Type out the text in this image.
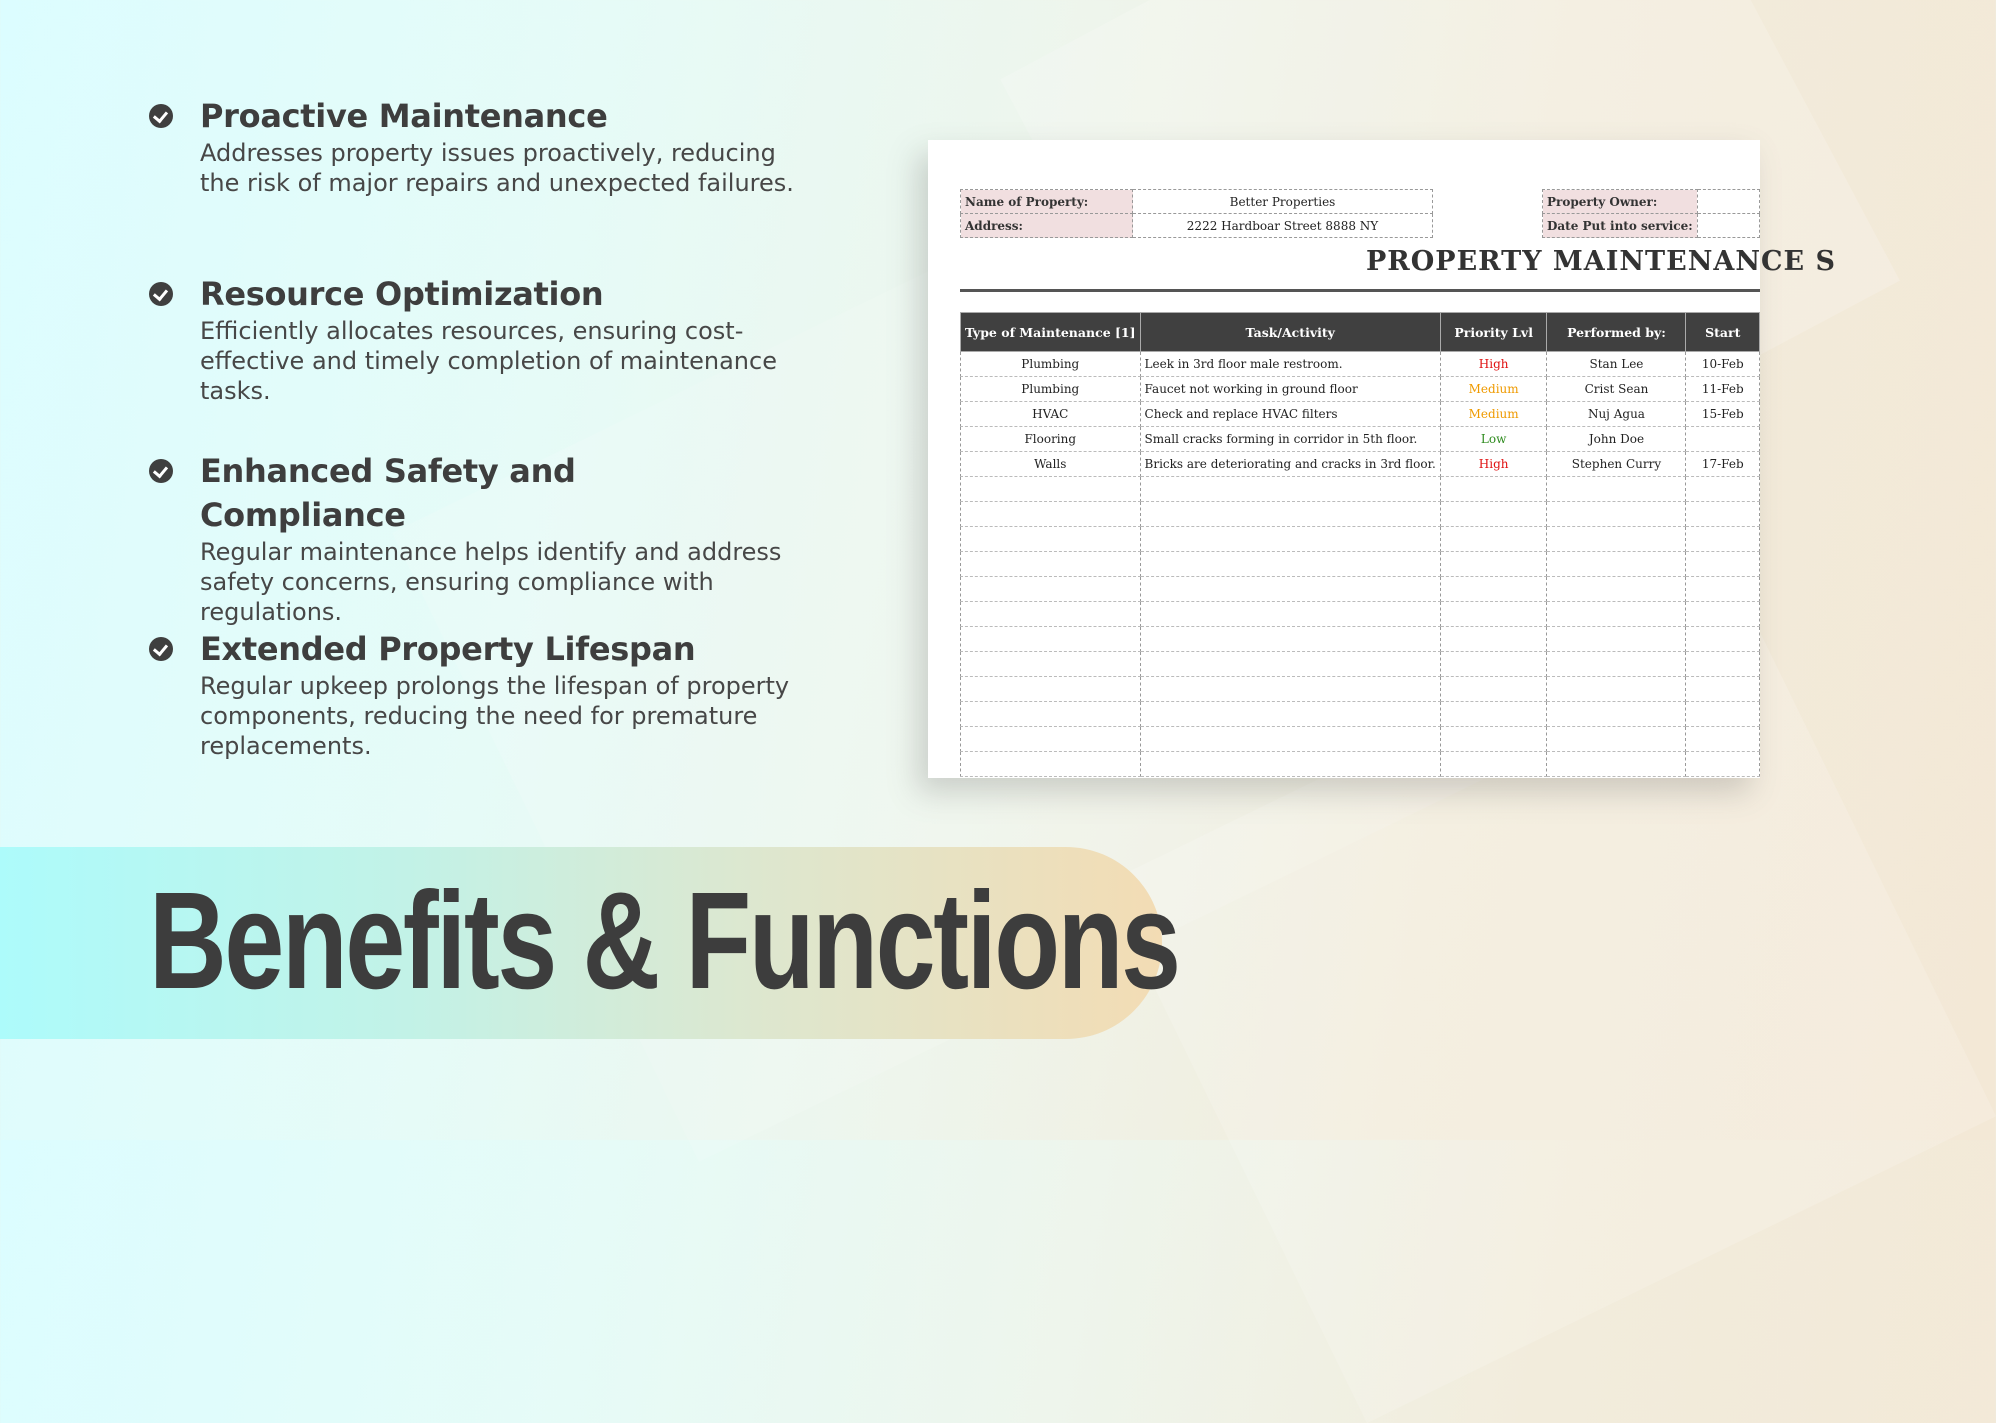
Proactive Maintenance

Addresses property issues proactively, reducing the risk of major repairs and unexpected failures.

Resource Optimization

Efficiently allocates resources, ensuring cost-effective and timely completion of maintenance tasks.

Enhanced Safety and Compliance

Regular maintenance helps identify and address safety concerns, ensuring compliance with regulations.

Extended Property Lifespan

Regular upkeep prolongs the lifespan of property components, reducing the need for premature replacements.

Name of Property:	Better Properties
Address:	2222 Hardboar Street 8888 NY
Property Owner:	
Date Put into service:	
PROPERTY MAINTENANCE S
Type of Maintenance [1]	Task/Activity	Priority Lvl	Performed by:	Start
Plumbing	Leek in 3rd floor male restroom.	High	Stan Lee	10-Feb
Plumbing	Faucet not working in ground floor	Medium	Crist Sean	11-Feb
HVAC	Check and replace HVAC filters	Medium	Nuj Agua	15-Feb
Flooring	Small cracks forming in corridor in 5th floor.	Low	John Doe	
Walls	Bricks are deteriorating and cracks in 3rd floor.	High	Stephen Curry	17-Feb

Benefits & Functions
